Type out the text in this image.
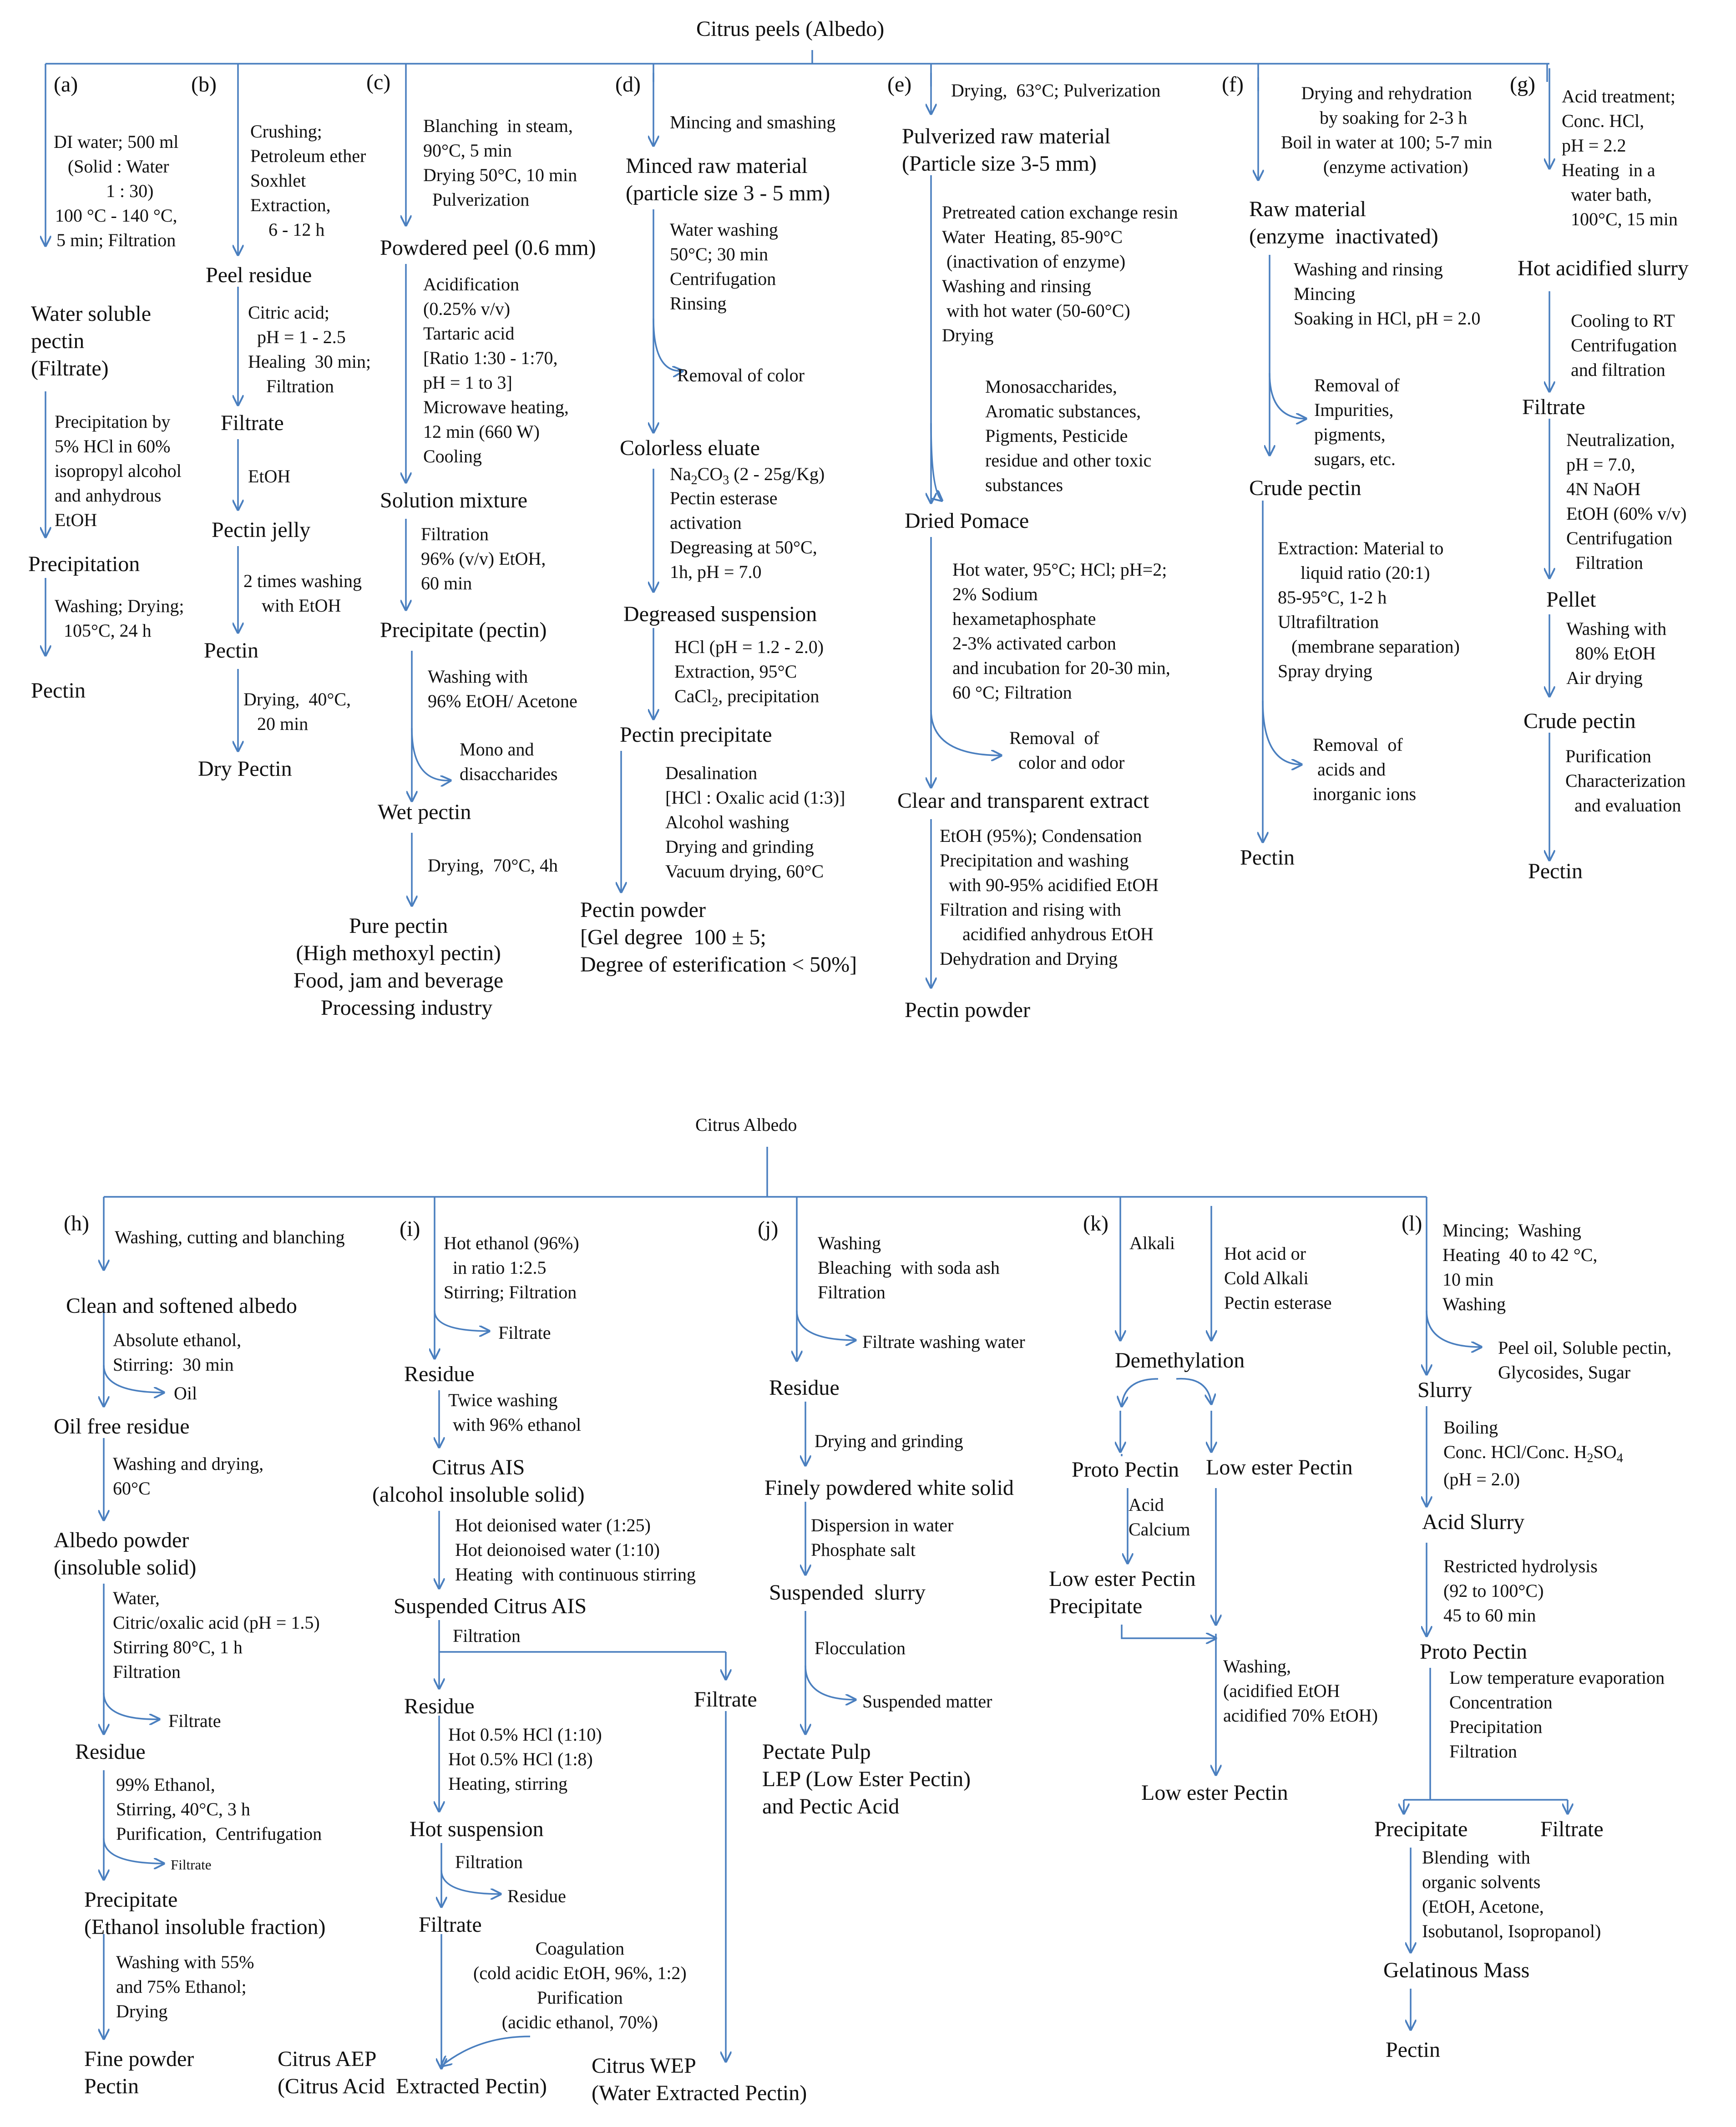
Citrus peels (Albedo)
(a)
DI water; 500 ml
(Solid : Water
1 : 30)
100 °C - 140 °C,
5 min; Filtration
Water soluble
pectin
(Filtrate)
Precipitation by
5% HCl in 60%
isopropyl alcohol
and anhydrous
EtOH
Precipitation
Washing; Drying;
105°C, 24 h
Pectin
(b)
Crushing;
Petroleum ether
Soxhlet
Extraction,
6 - 12 h
Peel residue
Citric acid;
pH = 1 - 2.5
Healing  30 min;
Filtration
Filtrate
EtOH
Pectin jelly
2 times washing
with EtOH
Pectin
Drying,  40°C,
20 min
Dry Pectin
(c)
Blanching  in steam,
90°C, 5 min
Drying 50°C, 10 min
Pulverization
Powdered peel (0.6 mm)
Acidification
(0.25% v/v)
Tartaric acid
[Ratio 1:30 - 1:70,
pH = 1 to 3]
Microwave heating,
12 min (660 W)
Cooling
Solution mixture
Filtration
96% (v/v) EtOH,
60 min
Precipitate (pectin)
Washing with
96% EtOH/ Acetone
Mono and
disaccharides
Wet pectin
Drying,  70°C, 4h
Pure pectin
(High methoxyl pectin)
Food, jam and beverage
Processing industry
(d)
Mincing and smashing
Minced raw material
(particle size 3 - 5 mm)
Water washing
50°C; 30 min
Centrifugation
Rinsing
Removal of color
Colorless eluate
$Na_2CO_3$ (2 - 25g/Kg)
Pectin esterase
activation
Degreasing at 50°C,
1h, pH = 7.0
Degreased suspension
HCl (pH = 1.2 - 2.0)
Extraction, 95°C
CaCl$_2$, precipitation
Pectin precipitate
Desalination
[HCl : Oxalic acid (1:3)]
Alcohol washing
Drying and grinding
Vacuum drying, 60°C
Pectin powder
[Gel degree  100 ± 5;
Degree of esterification < 50%]
(e) Drying,  63°C; Pulverization
Pulverized raw material
(Particle size 3-5 mm)
Pretreated cation exchange resin
Water  Heating, 85-90°C
(inactivation of enzyme)
Washing and rinsing
with hot water (50-60°C)
Drying
Monosaccharides,
Aromatic substances,
Pigments, Pesticide
residue and other toxic
substances
Dried Pomace
Hot water, 95°C; HCl; pH=2;
2% Sodium
hexametaphosphate
2-3% activated carbon
and incubation for 20-30 min,
60 °C; Filtration
Removal  of
color and odor
Clear and transparent extract
EtOH (95%); Condensation
Precipitation and washing
with 90-95% acidified EtOH
Filtration and rising with
acidified anhydrous EtOH
Dehydration and Drying
Pectin powder
(f)	Drying and rehydration
by soaking for 2-3 h
Boil in water at 100; 5-7 min
(enzyme activation)
Raw material
(enzyme  inactivated)
Washing and rinsing
Mincing
Soaking in HCl, pH = 2.0
Removal of
Impurities,
pigments,
sugars, etc.
Crude pectin
Extraction: Material to
liquid ratio (20:1)
85-95°C, 1-2 h
Ultrafiltration
(membrane separation)
Spray drying
Removal  of
acids and
inorganic ions
Pectin
(g) Acid treatment;
Conc. HCl,
pH = 2.2
Heating  in a
water bath,
100°C, 15 min
Hot acidified slurry
Cooling to RT
Centrifugation
and filtration
Filtrate
Neutralization,
pH = 7.0,
4N NaOH
EtOH (60% v/v)
Centrifugation
Filtration
Pellet
Washing with
80% EtOH
Air drying
Crude pectin
Purification
Characterization
and evaluation
Pectin
Citrus Albedo
(h)
Washing, cutting and blanching
Clean and softened albedo
Absolute ethanol,
Stirring:  30 min
Oil
Oil free residue
Washing and drying,
60°C
Albedo powder
(insoluble solid)
Water,
Citric/oxalic acid (pH = 1.5)
Stirring 80°C, 1 h
Filtration
Filtrate
Residue
99% Ethanol,
Stirring, 40°C, 3 h
Purification,  Centrifugation
Filtrate
Precipitate
(Ethanol insoluble fraction)
Washing with 55%
and 75% Ethanol;
Drying
Fine powder
Pectin
(i)
Hot ethanol (96%)
in ratio 1:2.5
Stirring; Filtration
Filtrate
Residue
Twice washing
with 96% ethanol
Citrus AIS
(alcohol insoluble solid)
Hot deionised water (1:25)
Hot deionoised water (1:10)
Heating  with continuous stirring
Suspended Citrus AIS
Filtration
Residue	Filtrate
Hot 0.5% HCl (1:10)
Hot 0.5% HCl (1:8)
Heating, stirring
Hot suspension
Filtration
Residue
Filtrate
Coagulation
(cold acidic EtOH, 96%, 1:2)
Purification
(acidic ethanol, 70%)
Citrus AEP
(Citrus Acid  Extracted Pectin)
Citrus WEP
(Water Extracted Pectin)
(j)
Washing
Bleaching  with soda ash
Filtration
Filtrate washing water
Residue
Drying and grinding
Finely powdered white solid
Dispersion in water
Phosphate salt
Suspended  slurry
Flocculation
Suspended matter
Pectate Pulp
LEP (Low Ester Pectin)
and Pectic Acid
(k)
Alkali
Hot acid or
Cold Alkali
Pectin esterase
Demethylation
Proto Pectin Low ester Pectin
Acid
Calcium
Low ester Pectin
Precipitate
Washing,
(acidified EtOH
acidified 70% EtOH)
Low ester Pectin
(l) Mincing;  Washing
Heating  40 to 42 °C,
10 min
Washing
Peel oil, Soluble pectin,
Glycosides, Sugar
Slurry
Boiling
Conc. HCl/Conc. $H_2SO_4$
(pH = 2.0)
Acid Slurry
Restricted hydrolysis
(92 to 100°C)
45 to 60 min
Proto Pectin
Low temperature evaporation
Concentration
Precipitation
Filtration
Precipitate	Filtrate
Blending  with
organic solvents
(EtOH, Acetone,
Isobutanol, Isopropanol)
Gelatinous Mass
Pectin
